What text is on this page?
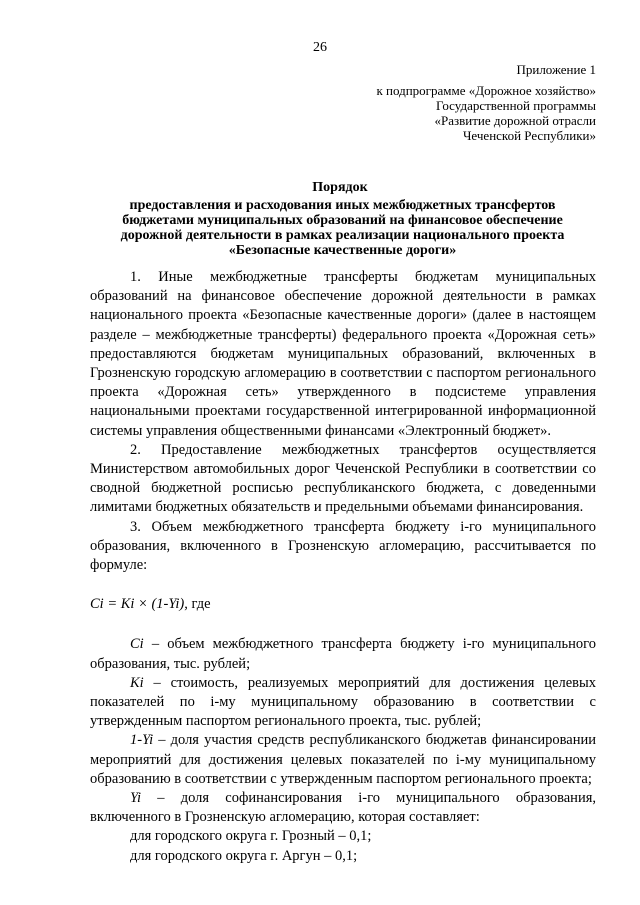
26
Приложение 1
к подпрограмме «Дорожное хозяйство»
Государственной программы
«Развитие дорожной отрасли
Чеченской Республики»
Порядок
предоставления и расходования иных межбюджетных трансфертов бюджетами муниципальных образований на финансовое обеспечение дорожной деятельности в рамках реализации национального проекта «Безопасные качественные дороги»

1. Иные межбюджетные трансферты бюджетам муниципальных образований на финансовое обеспечение дорожной деятельности в рамках национального проекта «Безопасные качественные дороги» (далее в настоящем разделе – межбюджетные трансферты) федерального проекта «Дорожная сеть» предоставляются бюджетам муниципальных образований, включенных в Грозненскую городскую агломерацию в соответствии с паспортом регионального проекта «Дорожная сеть» утвержденного в подсистеме управления национальными проектами государственной интегрированной информационной системы управления общественными финансами «Электронный бюджет».

2. Предоставление межбюджетных трансфертов осуществляется Министерством автомобильных дорог Чеченской Республики в соответствии со сводной бюджетной росписью республиканского бюджета, с доведенными лимитами бюджетных обязательств и предельными объемами финансирования.

3. Объем межбюджетного трансферта бюджету i-го муниципального образования, включенного в Грозненскую агломерацию, рассчитывается по формуле:

Ci = Ki × (1-Yi), где

Ci – объем межбюджетного трансферта бюджету i-го муниципального образования, тыс. рублей;

Ki – стоимость, реализуемых мероприятий для достижения целевых показателей по i-му муниципальному образованию в соответствии с утвержденным паспортом регионального проекта, тыс. рублей;

1-Yi – доля участия средств республиканского бюджетав финансировании мероприятий для достижения целевых показателей по i-му муниципальному образованию в соответствии с утвержденным паспортом регионального проекта;

Yi – доля софинансирования i-го муниципального образования, включенного в Грозненскую агломерацию, которая составляет:

для городского округа г. Грозный – 0,1;

для городского округа г. Аргун – 0,1;
